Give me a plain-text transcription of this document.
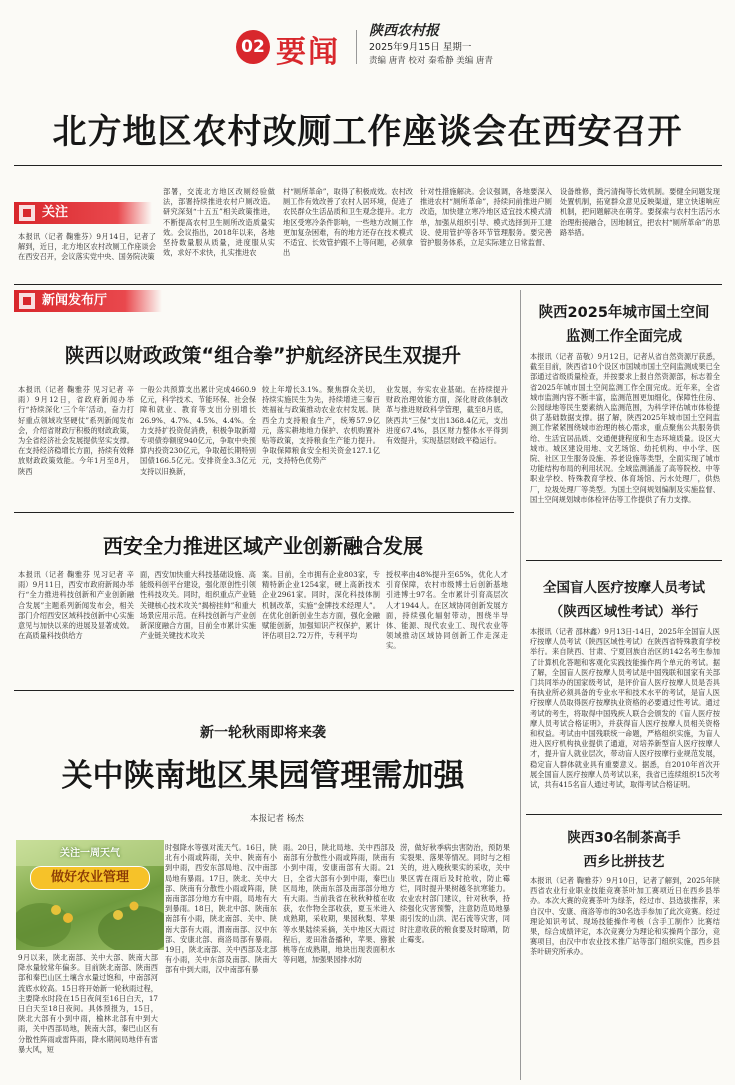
02 要闻
陕西农村报
2025年9月15日 星期一
责编 唐青 校对 秦希静 美编 唐青
北方地区农村改厕工作座谈会在西安召开
关注
本报讯（记者 鞠雅芬）9月14日，记者了解到，近日，北方地区农村改厕工作座谈会在西安召开，会议落实党中央、国务院决策
部署，交流北方地区改厕经验做法，部署持续推进农村户厕改造。研究深刻“十五五”相关政策推进，不断提高农村卫生厕所改造质量实效。会议指出，2018年以来，各地坚持数量服从质量，进度服从实效，求好不求快，扎实推进农
村“厕所革命”，取得了积极成效。农村改厕工作有效改善了农村人居环境，促进了农民群众生活品质和卫生观念提升。北方地区受寒冷条件影响，一些地方改厕工作更加复杂困难，有的地方还存在技术模式不适宜、长效管护跟不上等问题，必须拿出
针对性措施解决。会议强调，各地要深入推进农村“厕所革命”，持续问前推进户厕改造，加快建立寒冷地区适宜技术模式清单，加强从组织引导、模式选择到开工建设、使用管护等各环节管理服务。要完善管护服务体系，立足实际建立日常监督、
设备维修，粪污清掏等长效机制。要健全问题发现处置机制，拓宽群众意见反映渠道，建立快速响应机制，把问题解决在萌芽。要探索与农村生活污水治理衔接融合，因地制宜，把农村“厕所革命”的思路举措。
新闻发布厅
陕西以财政政策“组合拳”护航经济民生双提升
本报讯（记者 鞠雅芬 见习记者 辛雨）9月12日，省政府新闻办举行“持续深化‘三个年’活动，奋力打好重点领域攻坚硬仗”系列新闻发布会，介绍省财政厅积极的财政政策，为全省经济社会发展提供坚实支撑。在支持经济稳增长方面，持续有效释放财政政策效能。今年1月至8月，陕西
一般公共预算支出累计完成4660.9亿元，科学技术、节能环保、社会保障和就业、教育等支出分别增长26.9%、4.7%、4.5%、4.4%。全力支持扩投资促消费，积极争取新增专项债券额度940亿元，争取中央预算内投资230亿元，争取超长期特别国债166.5亿元。安排资金3.3亿元支持以旧换新，
较上年增长3.1%。聚焦群众关切，持续实施民生为先，持续增进三秦百姓福祉与政策推动农业农村发展。陕西全力支持粮食生产，统筹57.9亿元，落实耕地地力保护、农机购置补贴等政策，支持粮食生产能力提升。争取保障粮食安全相关资金127.1亿元，支持特色优势产
业发展，夯实农业基础。在持续提升财政治理效能方面，深化财政体制改革与推进财政科学管理，截至8月底，陕西共“三保”支出1368.4亿元，支出进度67.4%，县区财力整体水平得到有效提升，实现基层财政平稳运行。
西安全力推进区域产业创新融合发展
本报讯（记者 鞠雅芬 见习记者 辛雨）9月11日，西安市政府新闻办举行“全力推进科技创新和产业创新融合发展”主题系列新闻发布会，相关部门介绍西安区域科技创新中心实施意见与加快以来的进展及显著成效。在高质量科技供给方
面，西安加快重大科技基础设施、高能级科创平台建设，强化原创性引领性科技攻关。同时，组织重点产业链关键核心技术攻关“揭榜挂帅”和重大场景应用示范。在科技创新与产业创新深度融合方面，目前全市累计实施产业链关键技术攻关
案。目前，全市拥有企业803家，专精特新企业1254家，硬上高新技术企业2961家。同时，深化科技体制机制改革，实施“金牌技术经理人”。在优化创新创业生态方面，强化金融赋能创新，加强知识产权保护，累计评估项目2.72万件，专利平均
授权率由48%提升至65%，优化人才引育保障，农村市级博士后创新基地引进博士97名。全市累计引育高层次人才1944人。在区域协同创新发展方面，持续强化辐射带动，围绕半导体、能源、现代农业工、现代农业等领域推动区域协同创新工作走深走实。
新一轮秋雨即将来袭
关中陕南地区果园管理需加强
本报记者 杨杰
关注一周天气
做好农业管理
9月以来，陕北南部、关中大部、陕南大部降水量较常年偏多。目前陕北南部、陕南西部和秦巴山区土壤含水量过饱和，中南部河流底水较高。15日将开始新一轮秋雨过程，主要降水时段在15日夜间至16日白天，17日白天至18日夜间。具体预报为，15日，陕北大部有小到中雨，榆林北部有中到大雨，关中西部局地，陕南大部，秦巴山区有分散性阵雨或雷阵雨，降水期间局地伴有雷暴大风，短
时强降水等强对流天气。16日，陕北有小雨或阵雨，关中、陕南有小到中雨，西安东部局地、汉中南部局地有暴雨。17日，陕北、关中大部、陕南有分散性小雨或阵雨，陕南南部部分地方有中雨，局地有大到暴雨。18日，陕北中部、陕南东南部有小雨，陕北南部、关中、陕南大部有大雨，渭南南部、汉中东部、安康北部、商洛局部有暴雨。19日，陕北南部、关中西部及北部有小雨，关中东部及南部、陕南大部有中到大雨，汉中南部有暴
雨。20日，陕北局地、关中西部及南部有分散性小雨或阵雨，陕南有小到中雨，安康南部有大雨。21日，全省大部有小到中雨，秦巴山区局地，陕南东部及南部部分地方有大雨。当前我省在秋秋种植在收获，农作物全部收获，夏玉米进入成熟期，采收期，果园秋梨、苹果等水果陆续采摘，关中地区大雨过程后，麦田准备播种，苹果、猕猴桃等在成熟期，地块出现表面积水等问题，加强果园排水防
涝，做好秋季病虫害防治，预防果实裂果、落果等情况。同时与之相关的，进入晚秋果实的采收，关中果区需在雨后及时抢收，防止霉烂，同时提升果树越冬抗寒能力。农业农村部门建议，针对秋季，持续强化灾害预警，注意防范局地暴雨引发的山洪、泥石流等灾害，同时注意收获的粮食要及时晾晒，防止霉变。
陕西2025年城市国土空间
监测工作全面完成
本报讯（记者 苗敬）9月12日，记者从省自然资源厅获悉，截至目前，陕西省10个设区市国城市国土空间监测成果已全部通过省级质量检查，并按要求上报自然资源部，标志着全省2025年城市国土空间监测工作全面完成。近年来，全省城市监测内容不断丰富，监测范围更加细化，保障性住房、公园绿地等民生要素纳入监测范围，为科学评估城市体检提供了基础数据支撑。据了解，陕西2025年城市国土空间监测工作紧紧围绕城市治理的核心需求，重点聚焦公共服务供给、生活宜居品质、交通便捷程度和生态环境质量。设区大城市。城区建设用地、文艺场馆、幼托机构、中小学、医院、社区卫生服务设施、养老设施等类型，全面实现了城市功能结构布局的利用状况。全域监测涵盖了高等院校、中等职业学校、特殊教育学校、体育场馆、污水处理厂，供热厂，垃圾处理厂等类型。为国土空间规划编制及实施监督、国土空间规划城市体检评估等工作提供了有力支撑。
全国盲人医疗按摩人员考试
（陕西区域性考试）举行
本报讯（记者 邵林鑫）9月13日-14日，2025年全国盲人医疗按摩人员考试（陕西区域性考试）在陕西省特殊教育学校举行。来自陕西、甘肃、宁夏回族自治区的142名考生参加了计算机化答题和客观化实践技能操作两个单元的考试。据了解，全国盲人医疗按摩人员考试是中国残联和国家有关部门共同举办的国家级考试，是评价盲人医疗按摩人员是否具有执业所必须具备的专业水平和技术水平的考试，是盲人医疗按摩人员取得医疗按摩执业资格的必要通过性考试。通过考试的考生，将取得中国残疾人联合会颁发的《盲人医疗按摩人员考试合格证明》，并获得盲人医疗按摩人员相关资格和权益。考试由中国残联统一命题，严格组织实施，为盲人进入医疗机构执业提供了通道，对培养新型盲人医疗按摩人才，提升盲人就业层次，带动盲人医疗按摩行业规范发展，稳定盲人群体就业具有重要意义。据悉，自2010年首次开展全国盲人医疗按摩人员考试以来，我省已连续组织15次考试，共有415名盲人通过考试，取得考试合格证明。
陕西30名制茶高手
西乡比拼技艺
本报讯（记者 鞠雅芬）9月10日，记者了解到，2025年陕西省农业行业职业技能竞赛茶叶加工赛项近日在西乡县举办。本次大赛的竞赛茶叶为绿茶，经过市、县选拔推荐，来自汉中、安康、商洛等市的30名选手参加了此次竞赛。经过理论知识考试、现场技能操作考核（含手工制作）比赛结果，综合成绩评定，本次竞赛分为理论和实操两个部分，竞赛项目，由汉中市农业技术推广站等部门组织实施，西乡县茶叶研究所承办。
